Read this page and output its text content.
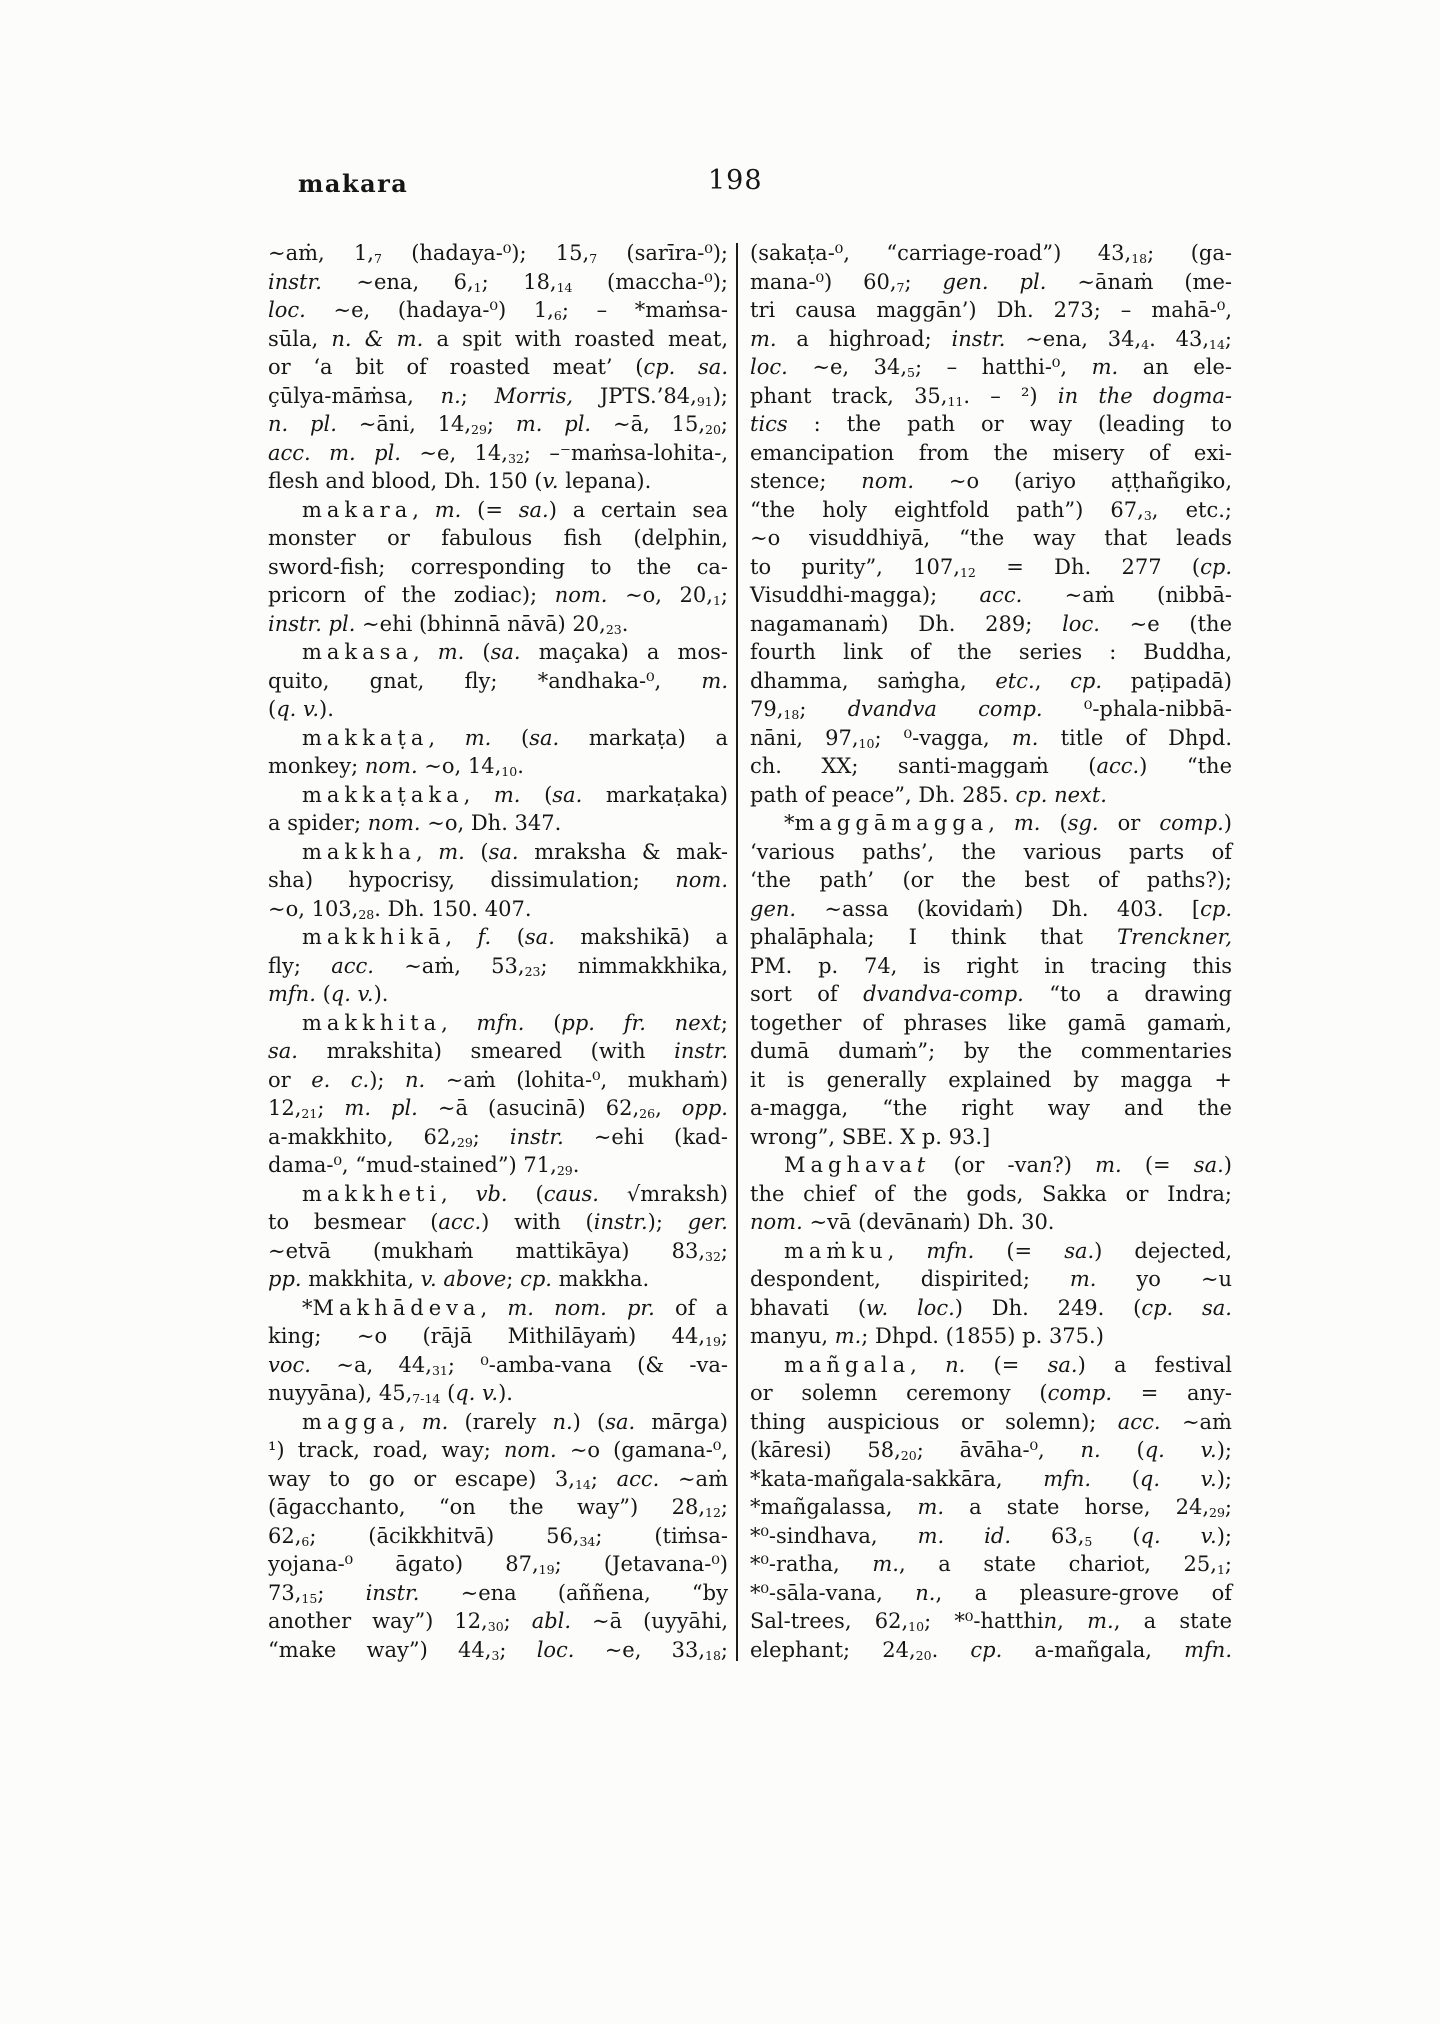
makara	198
∼aṁ, $1,_7$ (hadaya-⁰); $15,_7$ (sarīra-⁰);
instr. ∼ena, $6,_1$; $18,_{14}$ (maccha-⁰);
loc. ∼e, (hadaya-⁰) $1,_6$; – *maṁsa-
sūla, n. & m. a spit with roasted meat,
or ‘a bit of roasted meat’ (cp. sa.
çūlya-māṁsa, n.; Morris, $JPTS.’84,_{91}$);
n. pl. ∼āni, $14,_{29}$; m. pl. ∼ā, $15,_{20}$;
acc. m. pl. ∼e, $14,_{32}$; –⁻maṁsa-lohita-,
flesh and blood, Dh. 150 (v. lepana).
makara, m. (= sa.) a certain sea
monster or fabulous fish (delphin,
sword-fish; corresponding to the ca-
pricorn of the zodiac); nom. ∼o, $20,_1$;
instr. pl. ∼ehi (bhinnā nāvā) $20,_{23}$.
makasa, m. (sa. maçaka) a mos-
quito, gnat, fly; *andhaka-⁰, m.
(q. v.).
makkaṭa, m. (sa. markaṭa) a
monkey; nom. ∼o, $14,_{10}$.
makkaṭaka, m. (sa. markaṭaka)
a spider; nom. ∼o, Dh. 347.
makkha, m. (sa. mraksha & mak-
sha) hypocrisy, dissimulation; nom.
∼o, $103,_{28}$. Dh. 150. 407.
makkhikā, f. (sa. makshikā) a
fly; acc. ∼aṁ, $53,_{23}$; nimmakkhika,
mfn. (q. v.).
makkhita, mfn. (pp. fr. next;
sa. mrakshita) smeared (with instr.
or e. c.); n. ∼aṁ (lohita-⁰, mukhaṁ)
$12,_{21}$; m. pl. ∼ā (asucinā) $62,_{26}$, opp.
a-makkhito, $62,_{29}$; instr. ∼ehi (kad-
dama-⁰, “mud-stained”) $71,_{29}$.
makkheti, vb. (caus. √mraksh)
to besmear (acc.) with (instr.); ger.
∼etvā (mukhaṁ mattikāya) $83,_{32}$;
pp. makkhita, v. above; cp. makkha.
*Makhādeva, m. nom. pr. of a
king; ∼o (rājā Mithilāyaṁ) $44,_{19}$;
voc. ∼a, $44,_{31}$; ⁰-amba-vana (& -va-
nuyyāna), $45,_{7-14}$ (q. v.).
magga, m. (rarely n.) (sa. mārga)
¹) track, road, way; nom. ∼o (gamana-⁰,
way to go or escape) $3,_{14}$; acc. ∼aṁ
(āgacchanto, “on the way”) $28,_{12}$;
$62,_6$; (ācikkhitvā) $56,_{34}$; (tiṁsa-
yojana-⁰ āgato) $87,_{19}$; (Jetavana-⁰)
$73,_{15}$; instr. ∼ena (aññena, “by
another way”) $12,_{30}$; abl. ∼ā (uyyāhi,
“make way”) $44,_3$; loc. ∼e, $33,_{18}$;
(sakaṭa-⁰, “carriage-road”) $43,_{18}$; (ga-
mana-⁰) $60,_7$; gen. pl. ∼ānaṁ (me-
tri causa maggān’) Dh. 273; – mahā-⁰,
m. a highroad; instr. ∼ena, $34,_4$. $43,_{14}$;
loc. ∼e, $34,_5$; – hatthi-⁰, m. an ele-
phant track, $35,_{11}$. – ²) in the dogma-
tics : the path or way (leading to
emancipation from the misery of exi-
stence; nom. ∼o (ariyo aṭṭhañgiko,
“the holy eightfold path”) $67,_3$, etc.;
∼o visuddhiyā, “the way that leads
to purity”, $107,_{12} = Dh$. 277 (cp.
Visuddhi-magga); acc. ∼aṁ (nibbā-
nagamanaṁ) Dh. 289; loc. ∼e (the
fourth link of the series : Buddha,
dhamma, saṁgha, etc., cp. paṭipadā)
$79,_{18}$; dvandva comp. ⁰-phala-nibbā-
nāni, $97,_{10}$; ⁰-vagga, m. title of Dhpd.
ch. XX; santi-maggaṁ (acc.) “the
path of peace”, Dh. 285. cp. next.
*maggāmagga, m. (sg. or comp.)
‘various paths’, the various parts of
‘the path’ (or the best of paths?);
gen. ∼assa (kovidaṁ) Dh. 403. [cp.
phalāphala; I think that Trenckner,
PM. p. 74, is right in tracing this
sort of dvandva-comp. “to a drawing
together of phrases like gamā gamaṁ,
dumā dumaṁ”; by the commentaries
it is generally explained by magga +
a-magga, “the right way and the
wrong”, SBE. X p. 93.]
Maghavat (or -van?) m. (= sa.)
the chief of the gods, Sakka or Indra;
nom. ∼vā (devānaṁ) Dh. 30.
maṁku, mfn. (= sa.) dejected,
despondent, dispirited; m. yo ∼u
bhavati (w. loc.) Dh. 249. (cp. sa.
manyu, m.; Dhpd. (1855) p. 375.)
mañgala, n. (= sa.) a festival
or solemn ceremony (comp. = any-
thing auspicious or solemn); acc. ∼aṁ
(kāresi) $58,_{20}$; āvāha-⁰, n. (q. v.);
*kata-mañgala-sakkāra, mfn. (q. v.);
*mañgalassa, m. a state horse, $24,_{29}$;
*⁰-sindhava, m. id. $63,_5$ (q. v.);
*⁰-ratha, m., a state chariot, $25,_1$;
*⁰-sāla-vana, n., a pleasure-grove of
Sal-trees, $62,_{10}$; *⁰-hatthin, m., a state
elephant; $24,_{20}$. cp. a-mañgala, mfn.
